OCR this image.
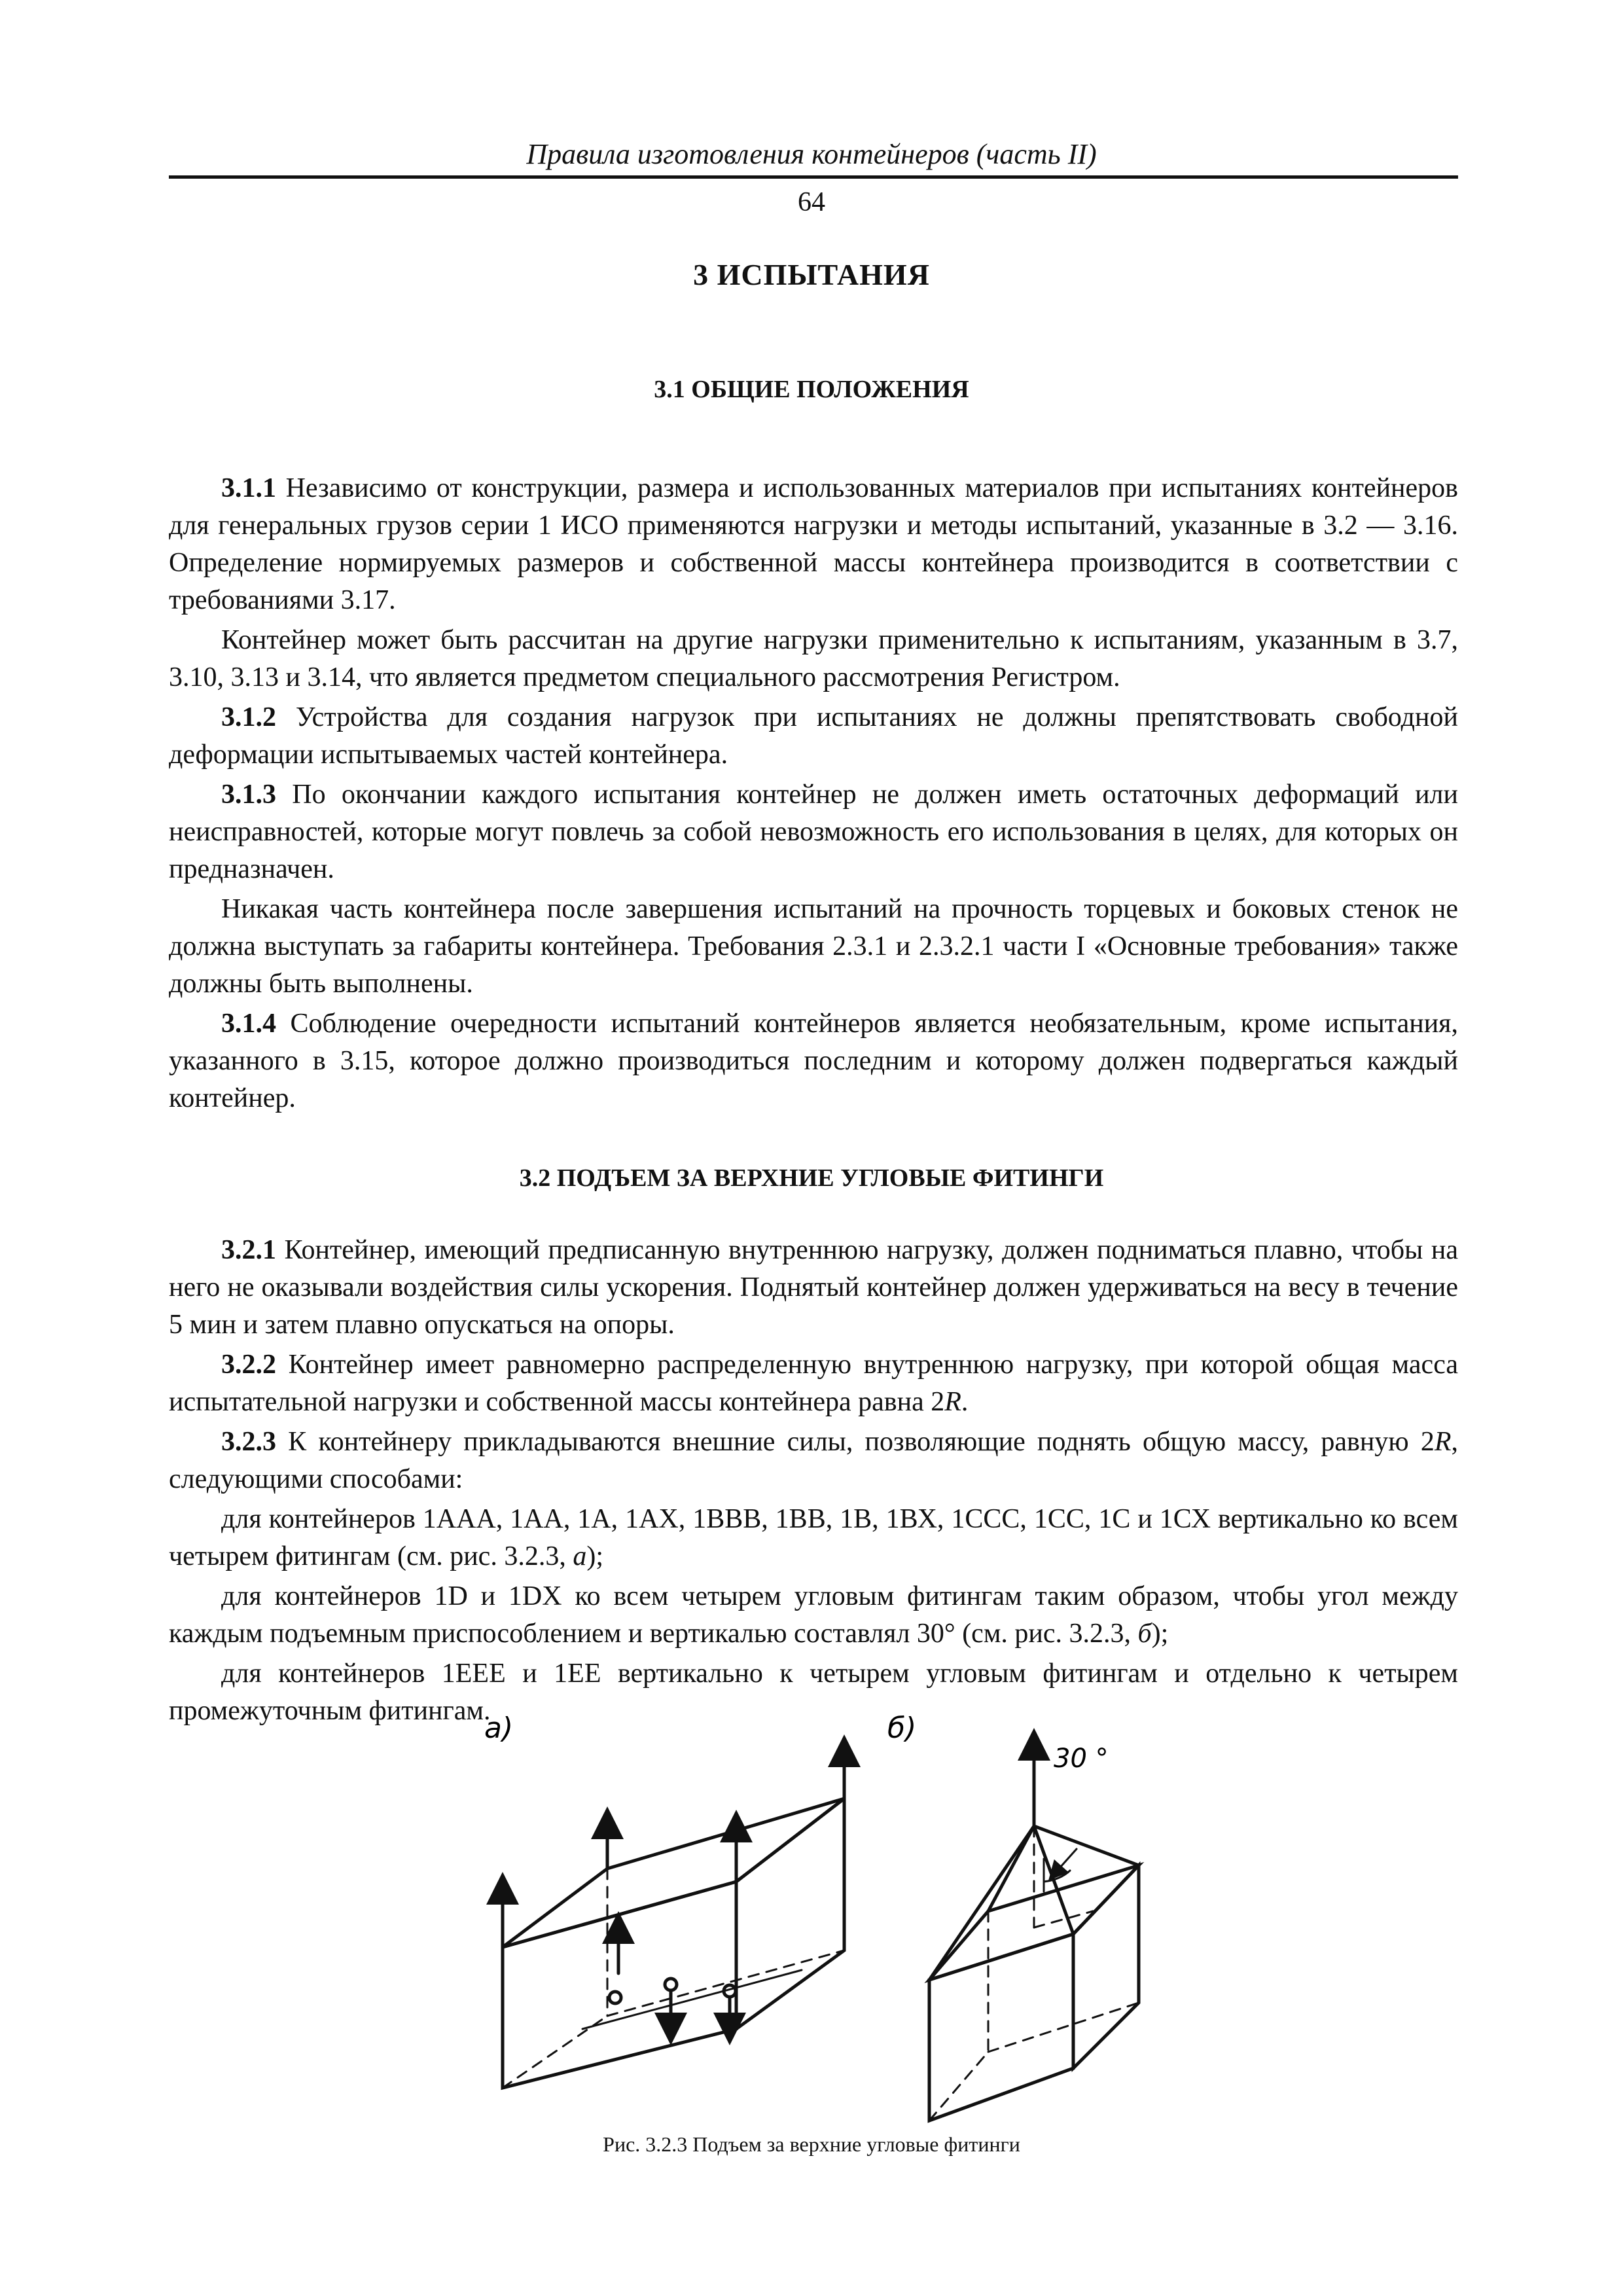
Правила изготовления контейнеров (часть II)
64
3 ИСПЫТАНИЯ
3.1 ОБЩИЕ ПОЛОЖЕНИЯ

3.1.1 Независимо от конструкции, размера и использованных материалов при испытаниях контейнеров для генеральных грузов серии 1 ИСО применяются нагрузки и методы испытаний, указанные в 3.2 — 3.16. Определение нормируемых размеров и собственной массы контейнера производится в соответствии с требованиями 3.17.

Контейнер может быть рассчитан на другие нагрузки применительно к испытаниям, указанным в 3.7, 3.10, 3.13 и 3.14, что является предметом специального рассмотрения Регистром.

3.1.2 Устройства для создания нагрузок при испытаниях не должны препятствовать свободной деформации испытываемых частей контейнера.

3.1.3 По окончании каждого испытания контейнер не должен иметь остаточных деформаций или неисправностей, которые могут повлечь за собой невозможность его использования в целях, для которых он предназначен.

Никакая часть контейнера после завершения испытаний на прочность торцевых и боковых стенок не должна выступать за габариты контейнера. Требования 2.3.1 и 2.3.2.1 части I «Основные требования» также должны быть выполнены.

3.1.4 Соблюдение очередности испытаний контейнеров является необязательным, кроме испытания, указанного в 3.15, которое должно производиться последним и которому должен подвергаться каждый контейнер.

3.2 ПОДЪЕМ ЗА ВЕРХНИЕ УГЛОВЫЕ ФИТИНГИ

3.2.1 Контейнер, имеющий предписанную внутреннюю нагрузку, должен подниматься плавно, чтобы на него не оказывали воздействия силы ускорения. Поднятый контейнер должен удерживаться на весу в течение 5 мин и затем плавно опускаться на опоры.

3.2.2 Контейнер имеет равномерно распределенную внутреннюю нагрузку, при которой общая масса испытательной нагрузки и собственной массы контейнера равна 2R.

3.2.3 К контейнеру прикладываются внешние силы, позволяющие поднять общую массу, равную 2R, следующими способами:

для контейнеров 1ААА, 1АА, 1А, 1АХ, 1ВВВ, 1ВВ, 1В, 1ВХ, 1ССС, 1СС, 1С и 1СХ вертикально ко всем четырем фитингам (см. рис. 3.2.3, а);

для контейнеров 1D и 1DX ко всем четырем угловым фитингам таким образом, чтобы угол между каждым подъемным приспособлением и вертикалью составлял 30° (см. рис. 3.2.3, б);

для контейнеров 1ЕЕЕ и 1ЕЕ вертикально к четырем угловым фитингам и отдельно к четырем промежуточным фитингам.

а)	б)
30 °
Рис. 3.2.3 Подъем за верхние угловые фитинги
